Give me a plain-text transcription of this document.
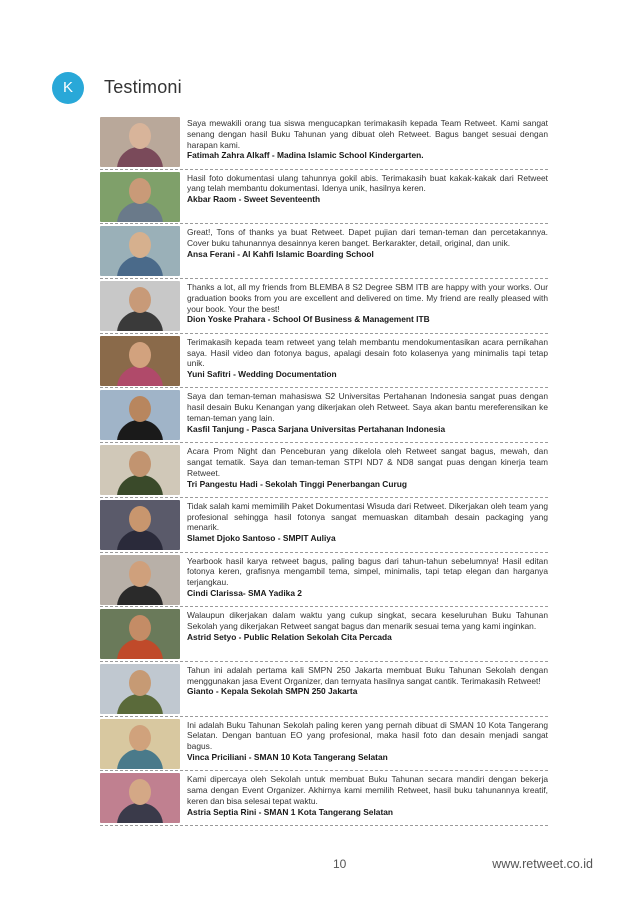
K	Testimoni
Saya mewakili orang tua siswa mengucapkan terimakasih kepada Team Retweet. Kami sangat senang dengan hasil Buku Tahunan yang dibuat oleh Retweet. Bagus banget sesuai dengan harapan kami.
Fatimah Zahra Alkaff - Madina Islamic School Kindergarten.
Hasil foto dokumentasi ulang tahunnya gokil abis. Terimakasih buat kakak-kakak dari Retweet yang telah membantu dokumentasi. Idenya unik, hasilnya keren.
Akbar Raom - Sweet Seventeenth
Great!, Tons of thanks ya buat Retweet. Dapet pujian dari teman-teman dan percetakannya. Cover buku tahunannya desainnya keren banget. Berkarakter, detail, original, dan unik.
Ansa Ferani - Al Kahfi Islamic Boarding School
Thanks a lot, all my friends from BLEMBA 8 S2 Degree SBM ITB are happy with your works. Our graduation books from you are excellent and delivered on time. My friend are really pleased with your book. Your the best!
Dion Yoske Prahara - School Of Business & Management ITB
Terimakasih kepada team retweet yang telah membantu mendokumentasikan acara pernikahan saya. Hasil video dan fotonya bagus, apalagi desain foto kolasenya yang minimalis tapi tetap unik.
Yuni Safitri - Wedding Documentation
Saya dan teman-teman mahasiswa S2 Universitas Pertahanan Indonesia sangat puas dengan hasil desain Buku Kenangan yang dikerjakan oleh Retweet. Saya akan bantu mereferensikan ke teman-teman yang lain.
Kasfil Tanjung - Pasca Sarjana Universitas Pertahanan Indonesia
Acara Prom Night dan Penceburan yang dikelola oleh Retweet sangat bagus, mewah, dan sangat tematik. Saya dan teman-teman STPI ND7 & ND8 sangat puas dengan kinerja team Retweet.
Tri Pangestu Hadi - Sekolah Tinggi Penerbangan Curug
Tidak salah kami memimilih Paket Dokumentasi Wisuda dari Retweet. Dikerjakan oleh team yang profesional sehingga hasil fotonya sangat memuaskan ditambah desain packaging yang menarik.
Slamet Djoko Santoso - SMPIT Auliya
Yearbook hasil karya retweet bagus, paling bagus dari tahun-tahun sebelumnya! Hasil editan fotonya keren, grafisnya mengambil tema, simpel, minimalis, tapi tetap elegan dan harganya terjangkau.
Cindi Clarissa- SMA Yadika 2
Walaupun dikerjakan dalam waktu yang cukup singkat, secara keseluruhan Buku Tahunan Sekolah yang dikerjakan Retweet sangat bagus dan menarik sesuai tema yang kami inginkan.
Astrid Setyo - Public Relation Sekolah Cita Percada
Tahun ini adalah pertama kali SMPN 250 Jakarta membuat Buku Tahunan Sekolah dengan menggunakan jasa Event Organizer, dan ternyata hasilnya sangat cantik. Terimakasih Retweet!
Gianto - Kepala Sekolah SMPN 250 Jakarta
Ini adalah Buku Tahunan Sekolah paling keren yang pernah dibuat di SMAN 10 Kota Tangerang Selatan. Dengan bantuan EO yang profesional, maka hasil foto dan desain menjadi sangat bagus.
Vinca Priciliani - SMAN 10 Kota Tangerang Selatan
Kami dipercaya oleh Sekolah untuk membuat Buku Tahunan secara mandiri dengan bekerja sama dengan Event Organizer. Akhirnya kami memilih Retweet, hasil buku tahunannya kreatif, keren dan bisa selesai tepat waktu.
Astria Septia Rini - SMAN 1 Kota Tangerang Selatan
10	www.retweet.co.id
